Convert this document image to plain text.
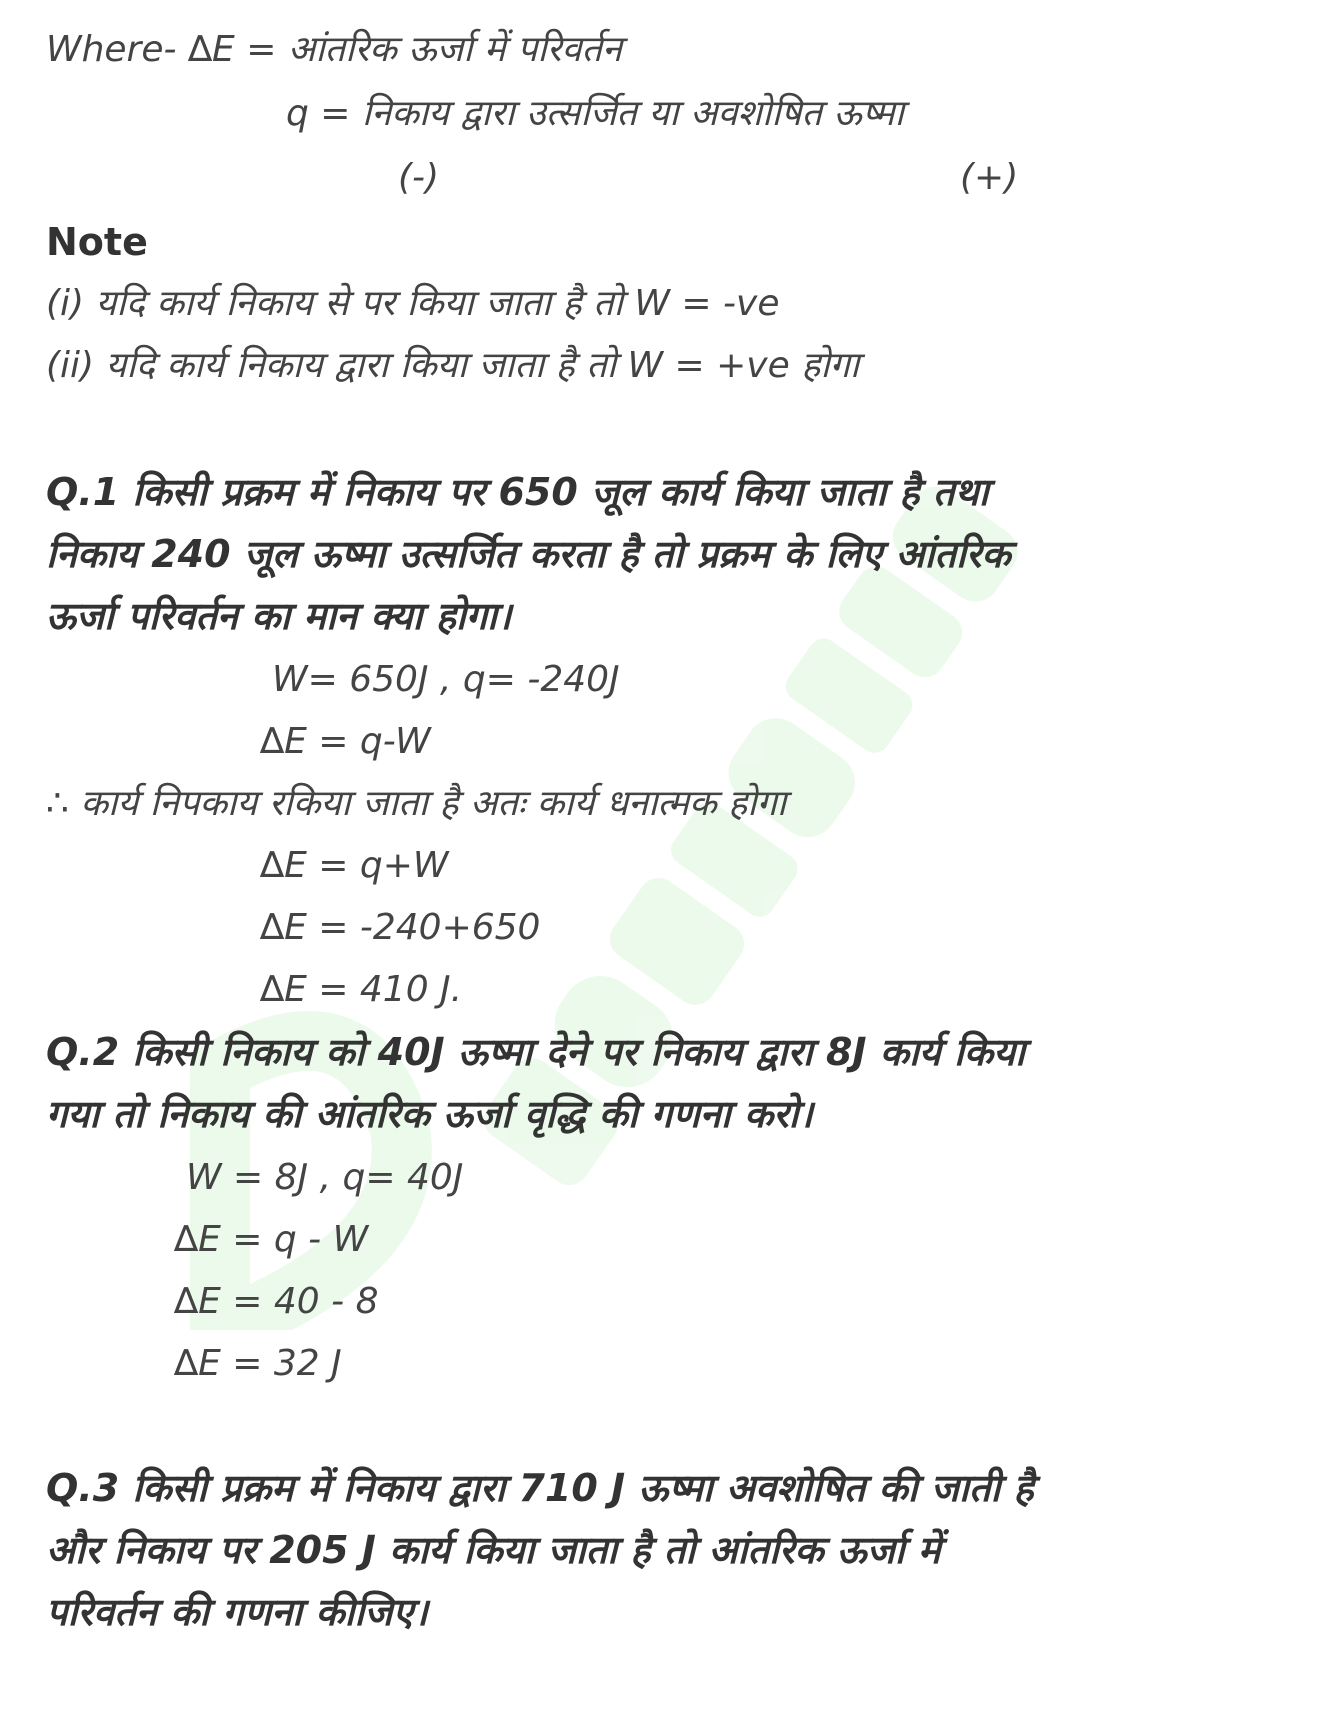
Where- ∆E = आंतरिक ऊर्जा में परिवर्तन
q = निकाय द्वारा उत्सर्जित या अवशोषित ऊष्मा
(-)	(+)
Note
(i) यदि कार्य निकाय से पर किया जाता है तो W = -ve
(ii) यदि कार्य निकाय द्वारा किया जाता है तो W = +ve होगा
Q.1 किसी प्रक्रम में निकाय पर 650 जूल कार्य किया जाता है तथा
निकाय 240 जूल ऊष्मा उत्सर्जित करता है तो प्रक्रम के लिए आंतरिक
ऊर्जा परिवर्तन का मान क्या होगा।
W= 650J , q= -240J
∆E = q-W
∴ कार्य निपकाय रकिया जाता है अतः कार्य धनात्मक होगा
∆E = q+W
∆E = -240+650
∆E = 410 J.
Q.2 किसी निकाय को 40J ऊष्मा देने पर निकाय द्वारा 8J कार्य किया
गया तो निकाय की आंतरिक ऊर्जा वृद्धि की गणना करो।
W = 8J , q= 40J
∆E = q - W
∆E = 40 - 8
∆E = 32 J
Q.3 किसी प्रक्रम में निकाय द्वारा 710 J ऊष्मा अवशोषित की जाती है
और निकाय पर 205 J कार्य किया जाता है तो आंतरिक ऊर्जा में
परिवर्तन की गणना कीजिए।
